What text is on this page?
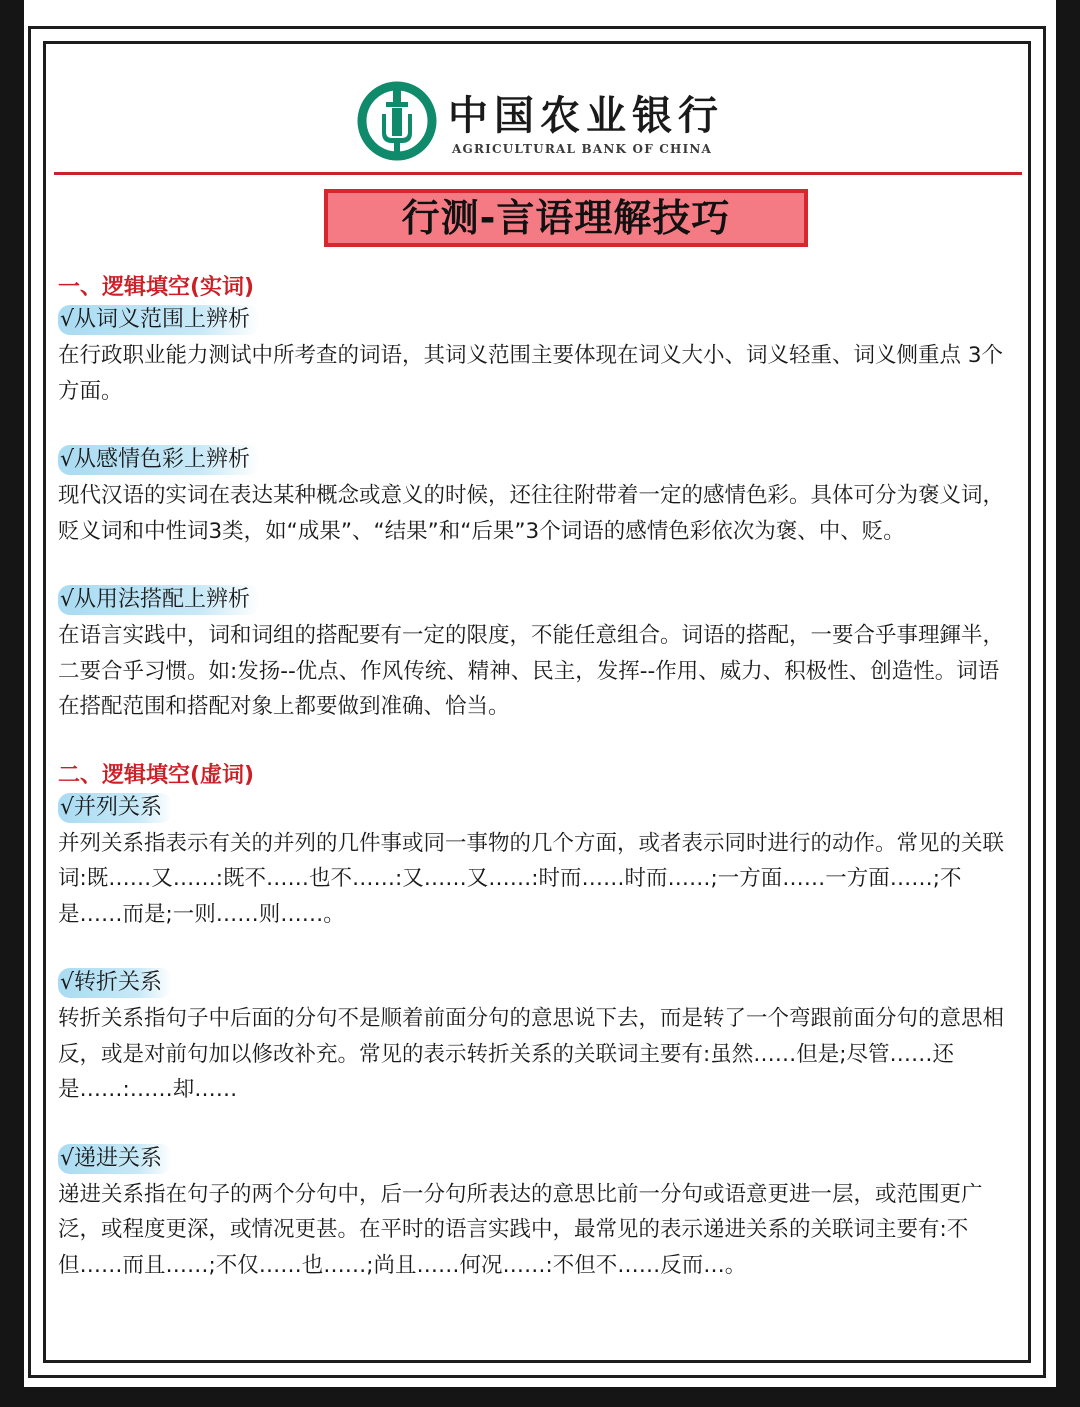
中国农业银行
AGRICULTURAL BANK OF CHINA
行测-言语理解技巧
一、逻辑填空(实词)
√从词义范围上辨析

在行政职业能力测试中所考查的词语，其词义范围主要体现在词义大小、词义轻重、词义侧重点 3个方面。

√从感情色彩上辨析

现代汉语的实词在表达某种概念或意义的时候，还往往附带着一定的感情色彩。具体可分为褒义词，贬义词和中性词3类，如“成果”、“结果”和“后果”3个词语的感情色彩依次为褒、中、贬。

√从用法搭配上辨析

在语言实践中，词和词组的搭配要有一定的限度，不能任意组合。词语的搭配，一要合乎事理鍕半，二要合乎习惯。如:发扬--优点、作风传统、精神、民主，发挥--作用、威力、积极性、创造性。词语在搭配范围和搭配对象上都要做到准确、恰当。

二、逻辑填空(虚词)
√并列关系

并列关系指表示有关的并列的几件事或同一事物的几个方面，或者表示同时进行的动作。常见的关联词:既……又……:既不……也不……:又……又……:时而……时而……;一方面……一方面……;不是……而是;一则……则……。

√转折关系

转折关系指句子中后面的分句不是顺着前面分句的意思说下去，而是转了一个弯跟前面分句的意思相反，或是对前句加以修改补充。常见的表示转折关系的关联词主要有:虽然……但是;尽管……还是……:……却……

√递进关系

递进关系指在句子的两个分句中，后一分句所表达的意思比前一分句或语意更进一层，或范围更广泛，或程度更深，或情况更甚。在平时的语言实践中，最常见的表示递进关系的关联词主要有:不但……而且……;不仅……也……;尚且……何况……:不但不……反而…。
